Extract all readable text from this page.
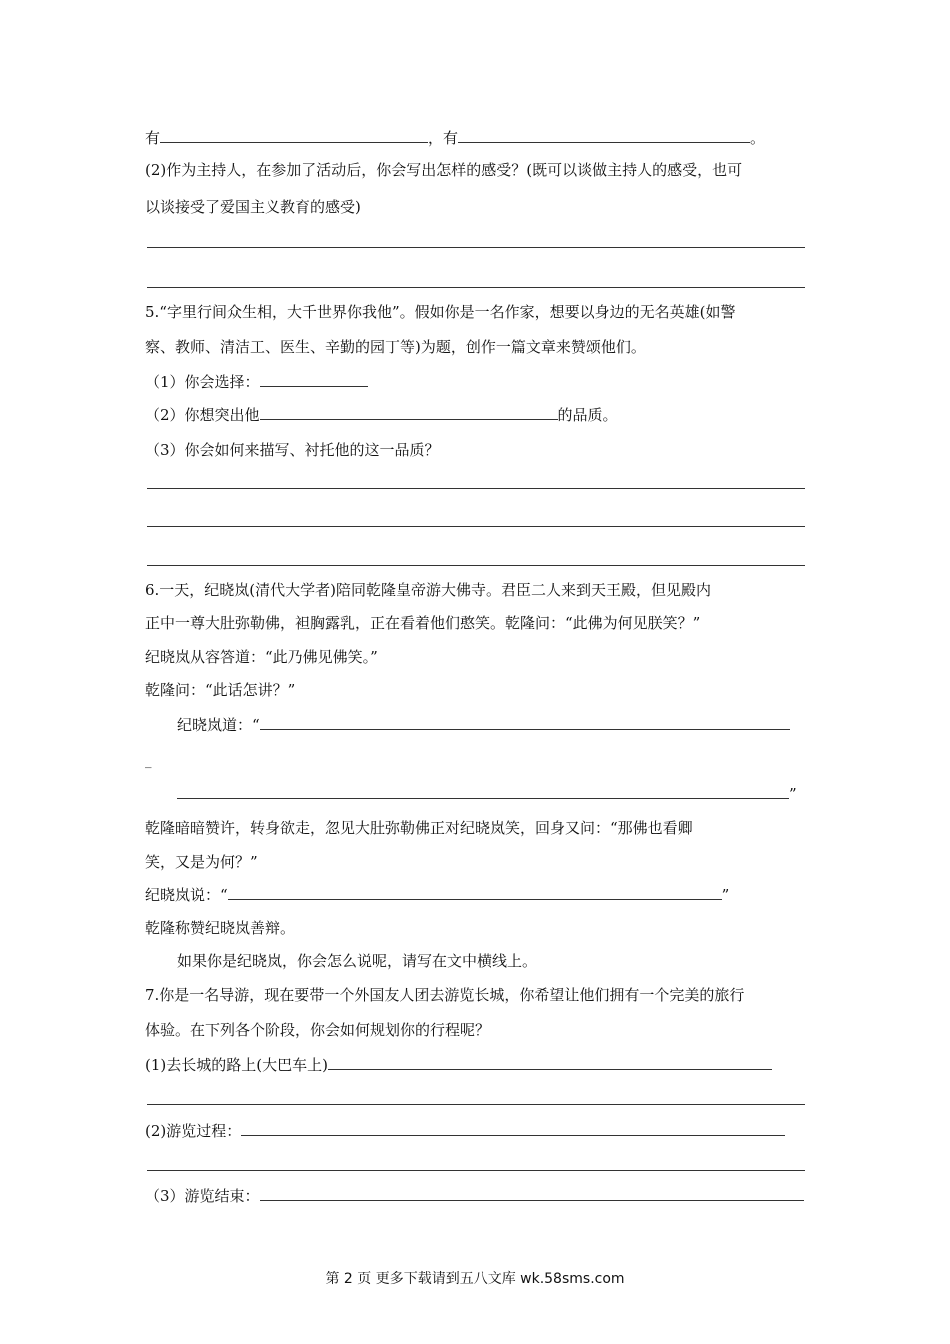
有	，有	。
(2)作为主持人，在参加了活动后，你会写出怎样的感受？(既可以谈做主持人的感受，也可
以谈接受了爱国主义教育的感受)
5.“字里行间众生相，大千世界你我他”。假如你是一名作家，想要以身边的无名英雄(如警
察、教师、清洁工、医生、辛勤的园丁等)为题，创作一篇文章来赞颂他们。
（1）你会选择：
（2）你想突出他	的品质。
（3）你会如何来描写、衬托他的这一品质？
6.一天，纪晓岚(清代大学者)陪同乾隆皇帝游大佛寺。君臣二人来到天王殿，但见殿内
正中一尊大肚弥勒佛，袒胸露乳，正在看着他们憨笑。乾隆问：“此佛为何见朕笑？”
纪晓岚从容答道：“此乃佛见佛笑。”
乾隆问：“此话怎讲？”
纪晓岚道：“
_
”
乾隆暗暗赞许，转身欲走，忽见大肚弥勒佛正对纪晓岚笑，回身又问：“那佛也看卿
笑，又是为何？”
纪晓岚说：“	”
乾隆称赞纪晓岚善辩。
如果你是纪晓岚，你会怎么说呢，请写在文中横线上。
7.你是一名导游，现在要带一个外国友人团去游览长城，你希望让他们拥有一个完美的旅行
体验。在下列各个阶段，你会如何规划你的行程呢？
(1)去长城的路上(大巴车上)
(2)游览过程：
（3）游览结束：
第 2 页 更多下载请到五八文库 wk.58sms.com
